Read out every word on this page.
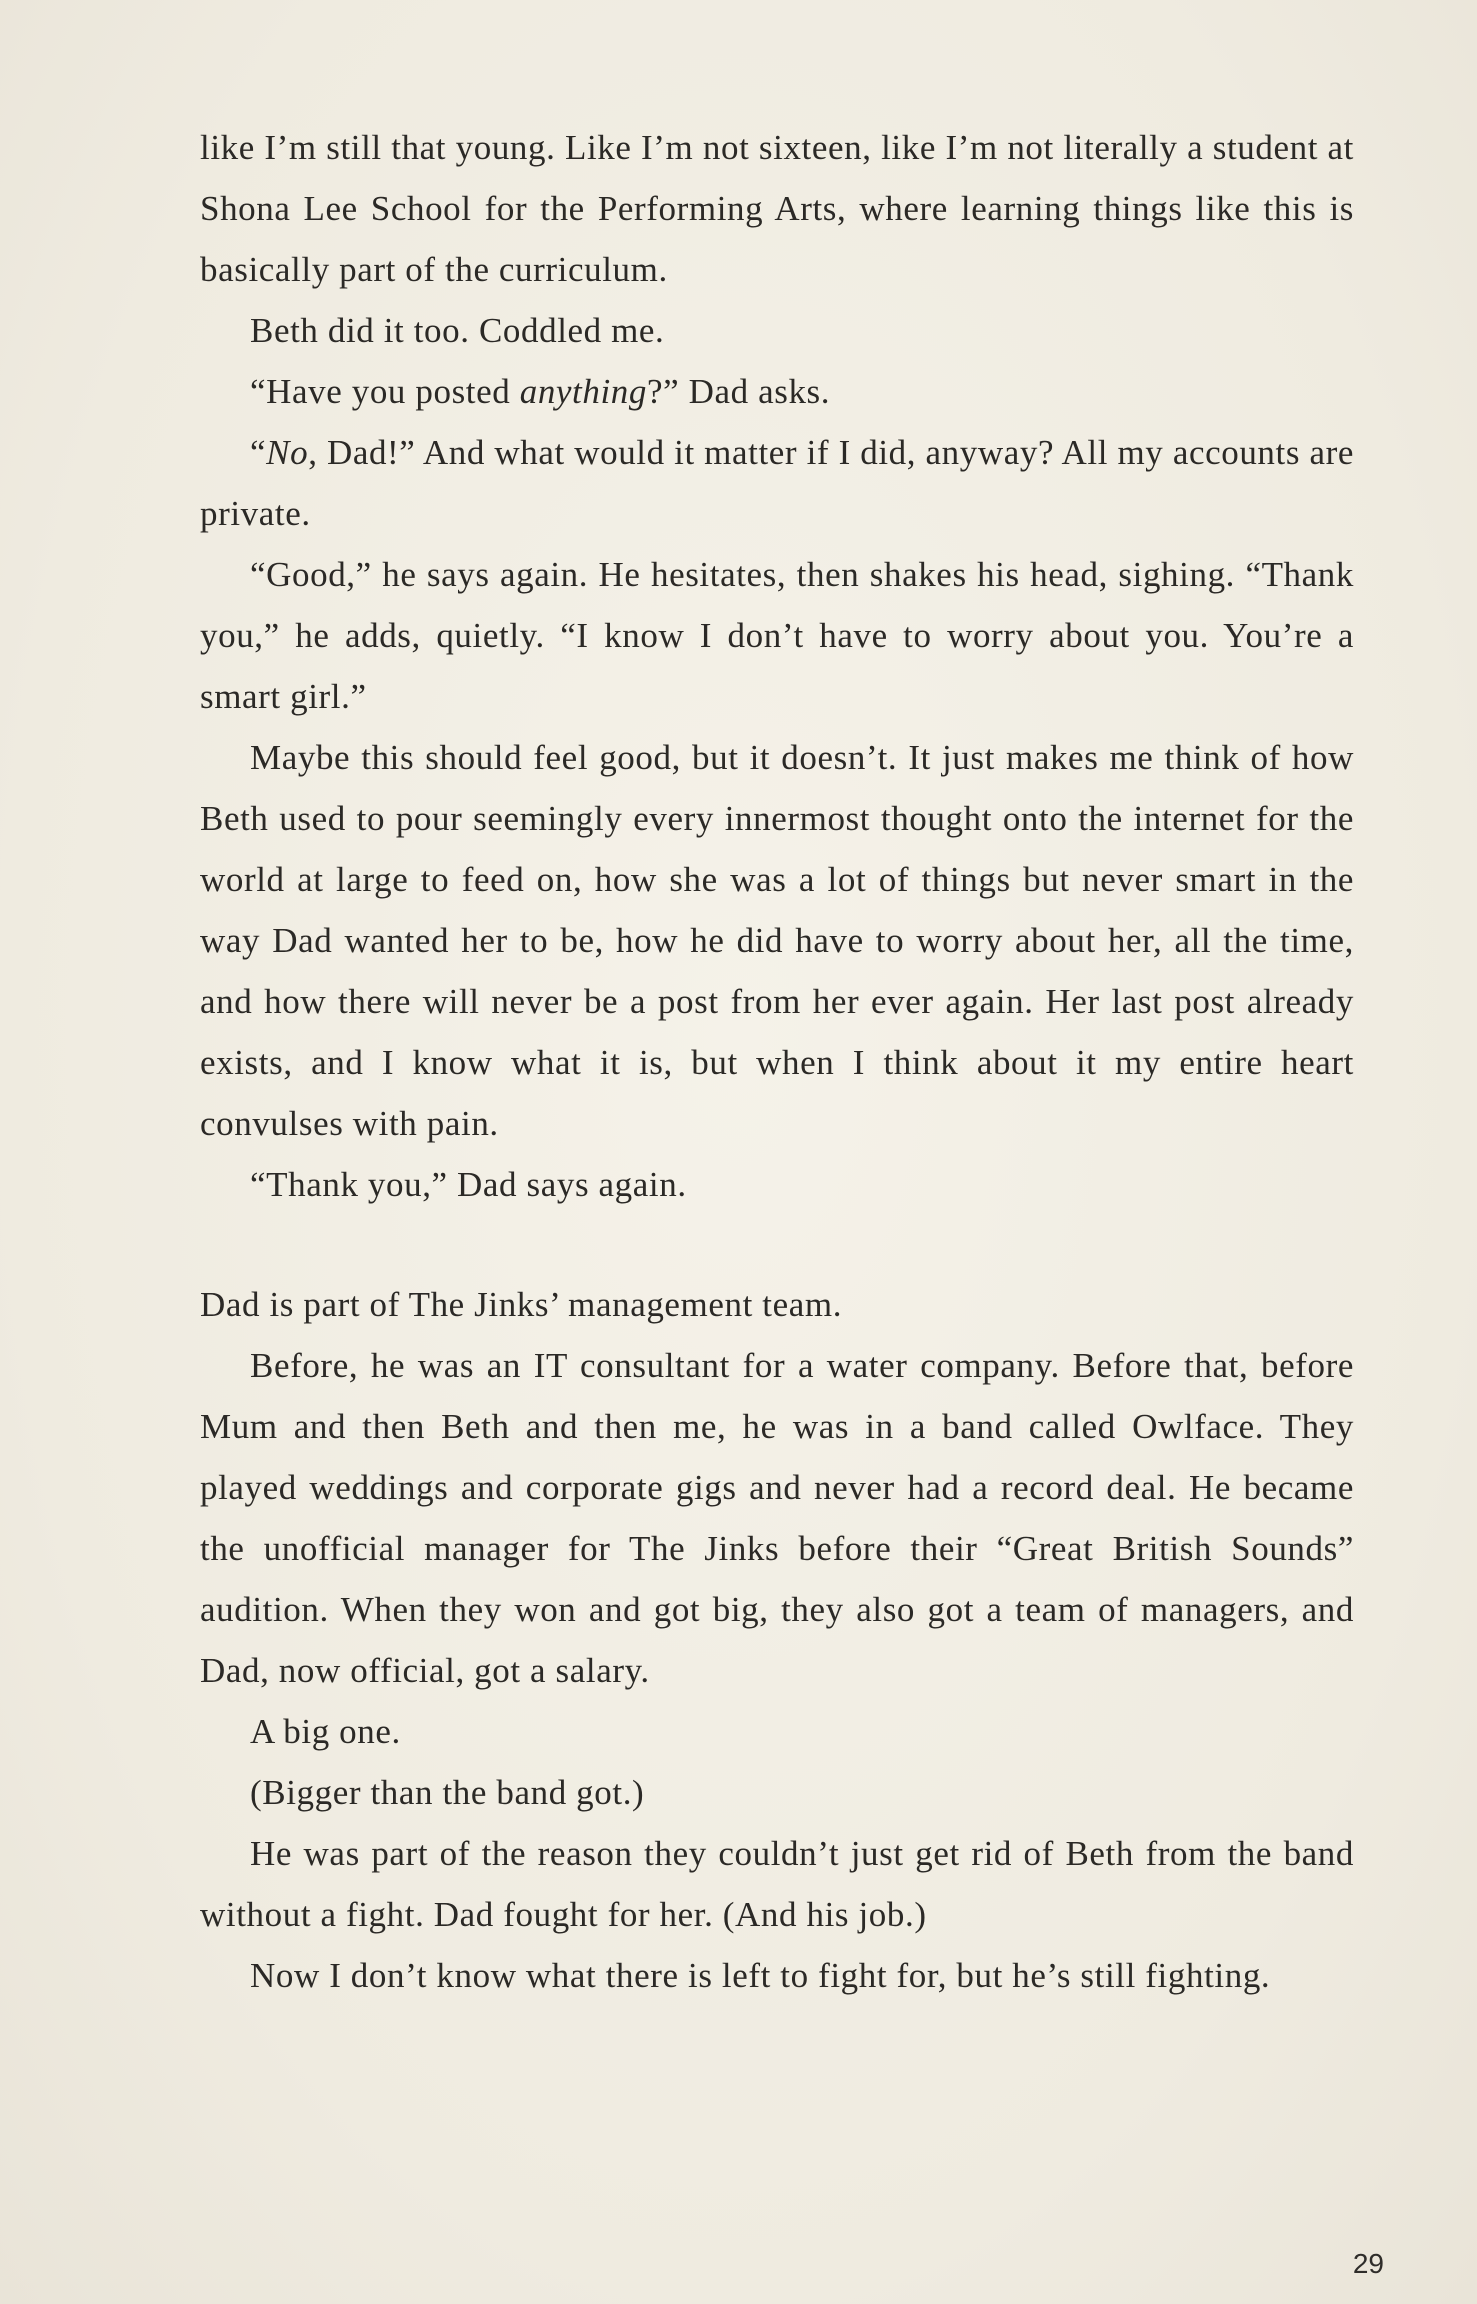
like I’m still that young. Like I’m not sixteen, like I’m not literally a student at Shona Lee School for the Performing Arts, where learning things like this is basically part of the curriculum.

Beth did it too. Coddled me.

“Have you posted anything?” Dad asks.

“No, Dad!” And what would it matter if I did, anyway? All my accounts are private.

“Good,” he says again. He hesitates, then shakes his head, sighing. “Thank you,” he adds, quietly. “I know I don’t have to worry about you. You’re a smart girl.”

Maybe this should feel good, but it doesn’t. It just makes me think of how Beth used to pour seemingly every innermost thought onto the internet for the world at large to feed on, how she was a lot of things but never smart in the way Dad wanted her to be, how he did have to worry about her, all the time, and how there will never be a post from her ever again. Her last post already exists, and I know what it is, but when I think about it my entire heart convulses with pain.

“Thank you,” Dad says again.

Dad is part of The Jinks’ management team.

Before, he was an IT consultant for a water company. Before that, before Mum and then Beth and then me, he was in a band called Owlface. They played weddings and corporate gigs and never had a record deal. He became the unofficial manager for The Jinks before their “Great British Sounds” audition. When they won and got big, they also got a team of managers, and Dad, now official, got a salary.

A big one.

(Bigger than the band got.)

He was part of the reason they couldn’t just get rid of Beth from the band without a fight. Dad fought for her. (And his job.)

Now I don’t know what there is left to fight for, but he’s still fighting.

29
